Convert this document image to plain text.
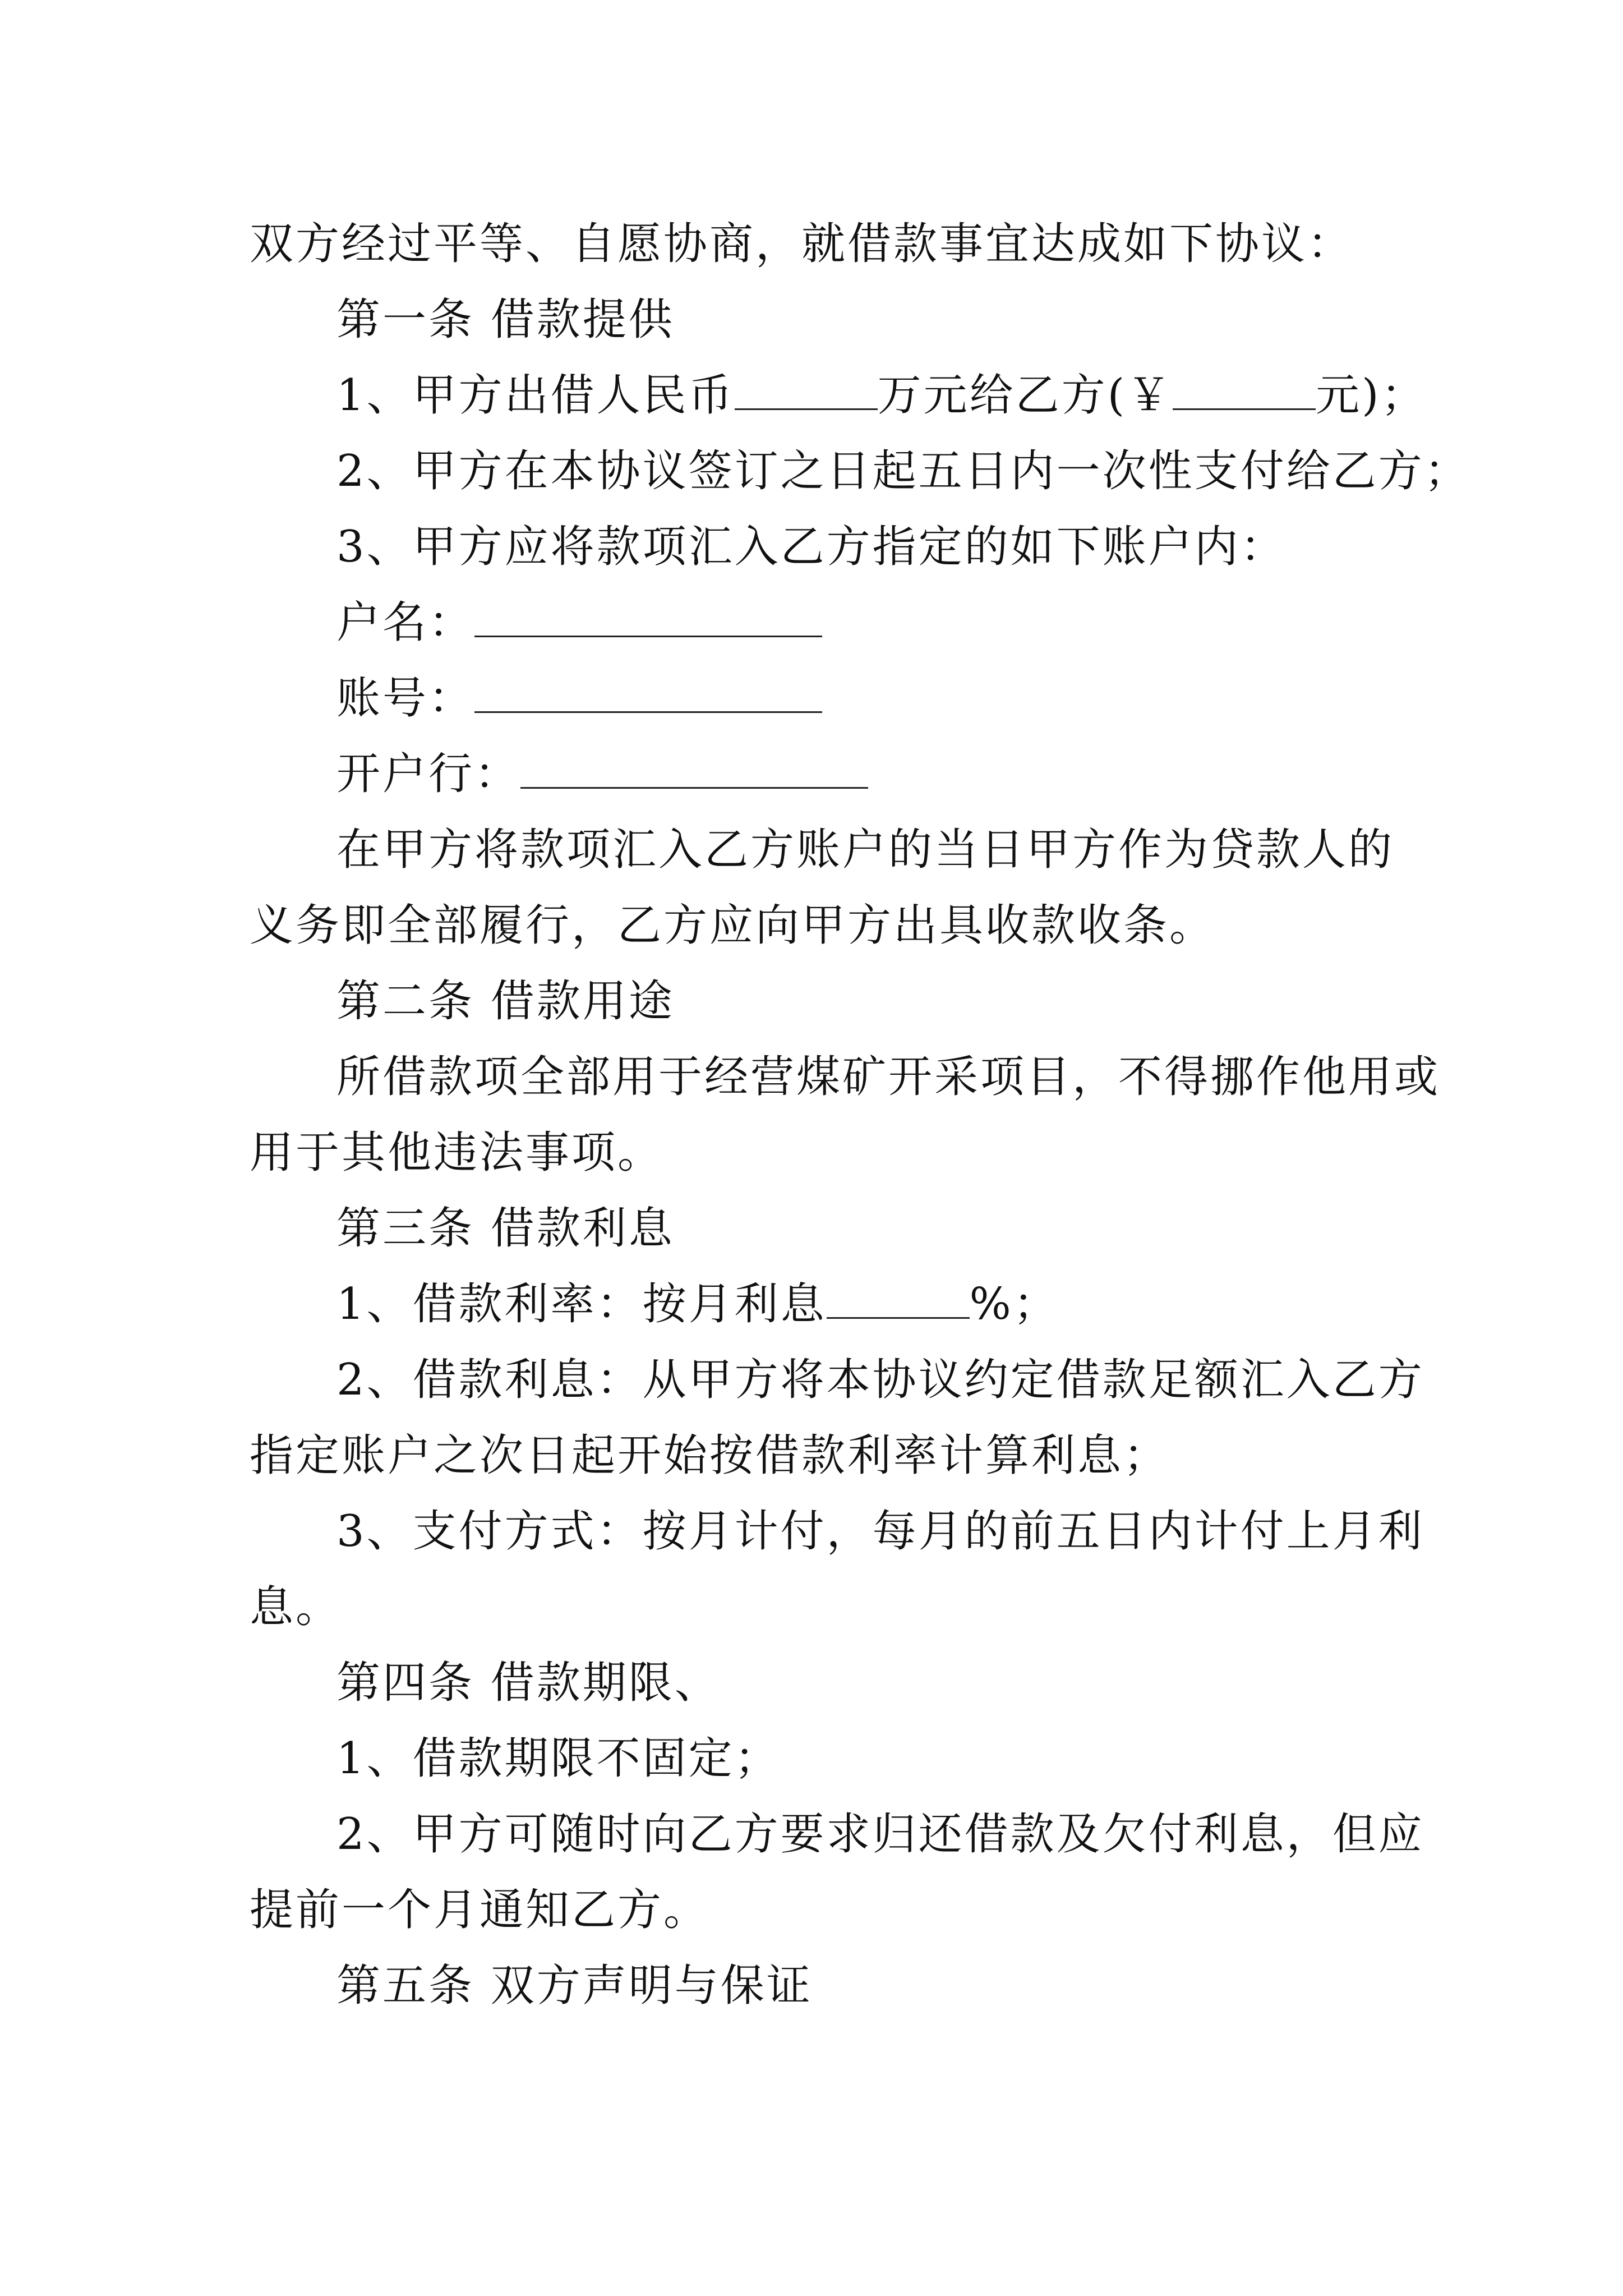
双方经过平等、自愿协商，就借款事宜达成如下协议：
第一条 借款提供
1、甲方出借人民币	万元给乙方(￥	元)；
2、甲方在本协议签订之日起五日内一次性支付给乙方；
3、甲方应将款项汇入乙方指定的如下账户内：
户名：
账号：
开户行：
在甲方将款项汇入乙方账户的当日甲方作为贷款人的
义务即全部履行，乙方应向甲方出具收款收条。
第二条 借款用途
所借款项全部用于经营煤矿开采项目，不得挪作他用或
用于其他违法事项。
第三条 借款利息
1、借款利率：按月利息	%；
2、借款利息：从甲方将本协议约定借款足额汇入乙方
指定账户之次日起开始按借款利率计算利息；
3、支付方式：按月计付，每月的前五日内计付上月利
息。
第四条 借款期限、
1、借款期限不固定；
2、甲方可随时向乙方要求归还借款及欠付利息，但应
提前一个月通知乙方。
第五条 双方声明与保证
